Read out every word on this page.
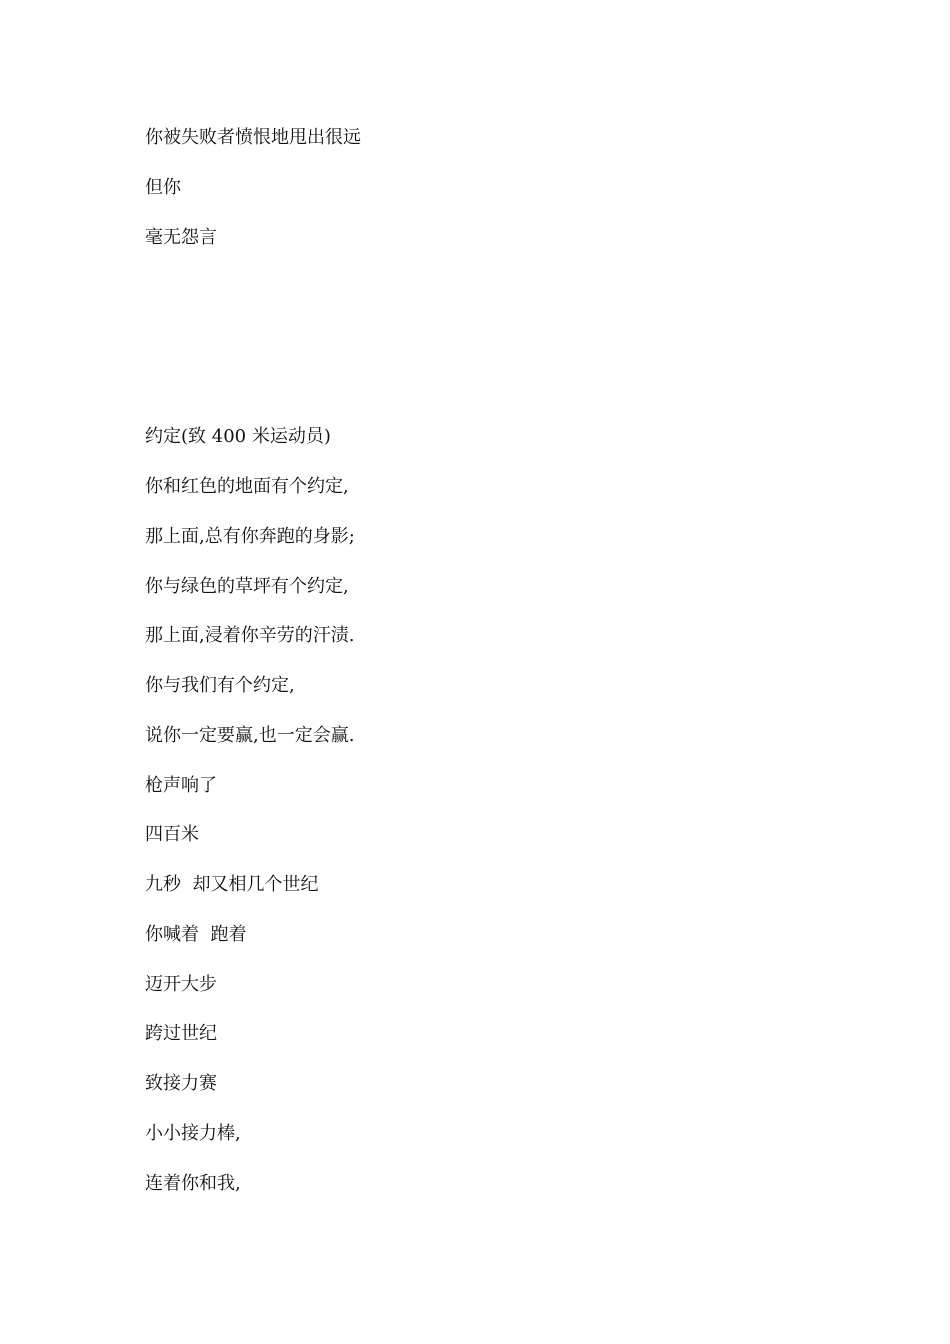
你被失败者愤恨地甩出很远

但你

毫无怨言

约定(致 400 米运动员)

你和红色的地面有个约定,

那上面,总有你奔跑的身影;

你与绿色的草坪有个约定,

那上面,浸着你辛劳的汗渍.

你与我们有个约定,

说你一定要赢,也一定会赢.

枪声响了

四百米

九秒  却又相几个世纪

你喊着  跑着

迈开大步

跨过世纪

致接力赛

小小接力棒,

连着你和我,
